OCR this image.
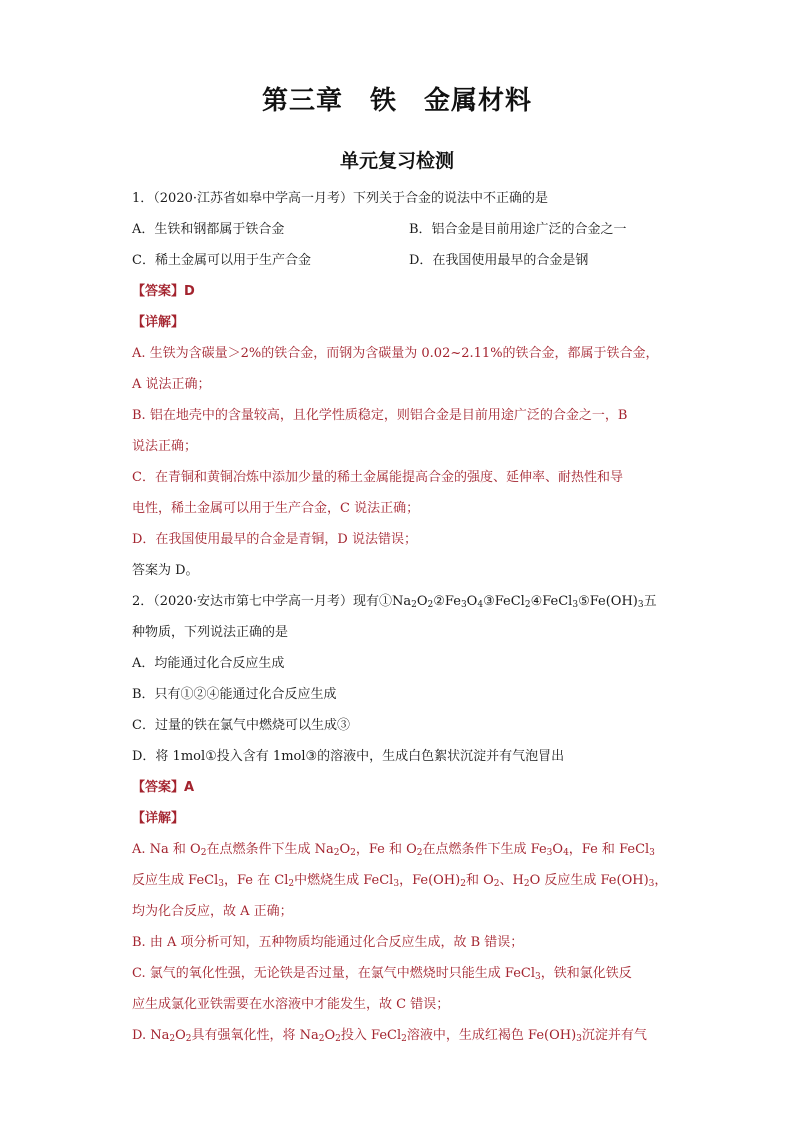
第三章　铁　金属材料
单元复习检测
1．（2020·江苏省如皋中学高一月考）下列关于合金的说法中不正确的是
A．生铁和钢都属于铁合金	B．铝合金是目前用途广泛的合金之一
C．稀土金属可以用于生产合金	D．在我国使用最早的合金是钢
【答案】D
【详解】
A. 生铁为含碳量＞2%的铁合金，而钢为含碳量为 0.02~2.11%的铁合金，都属于铁合金，
A 说法正确；
B. 铝在地壳中的含量较高，且化学性质稳定，则铝合金是目前用途广泛的合金之一，B
说法正确；
C．在青铜和黄铜冶炼中添加少量的稀土金属能提高合金的强度、延伸率、耐热性和导
电性，稀土金属可以用于生产合金，C 说法正确；
D．在我国使用最早的合金是青铜，D 说法错误；
答案为 D。
2．（2020·安达市第七中学高一月考）现有$①Na_2O_2②Fe_3O_4③FeCl_2④FeCl_3⑤Fe(OH)_3$五
种物质，下列说法正确的是
A．均能通过化合反应生成
B．只有①②④能通过化合反应生成
C．过量的铁在氯气中燃烧可以生成③
D．将 1mol①投入含有 1mol③的溶液中，生成白色絮状沉淀并有气泡冒出
【答案】A
【详解】
A. Na 和 $O_2$在点燃条件下生成 $Na_2O_2$，Fe 和 $O_2$在点燃条件下生成 $Fe_3O_4$，Fe 和 FeCl$_3$
反应生成 FeCl$_3$，Fe 在 $Cl_2$中燃烧生成 FeCl$_3$，$Fe(OH)_2$和 $O_2$、$H_2O$ 反应生成 $Fe(OH)_3$，
均为化合反应，故 A 正确；
B. 由 A 项分析可知，五种物质均能通过化合反应生成，故 B 错误；
C. 氯气的氧化性强，无论铁是否过量，在氯气中燃烧时只能生成 FeCl$_3$，铁和氯化铁反
应生成氯化亚铁需要在水溶液中才能发生，故 C 错误；
D. $Na_2O_2$具有强氧化性，将 $Na_2O_2$投入 FeCl$_2$溶液中，生成红褐色 $Fe(OH)_3$沉淀并有气
